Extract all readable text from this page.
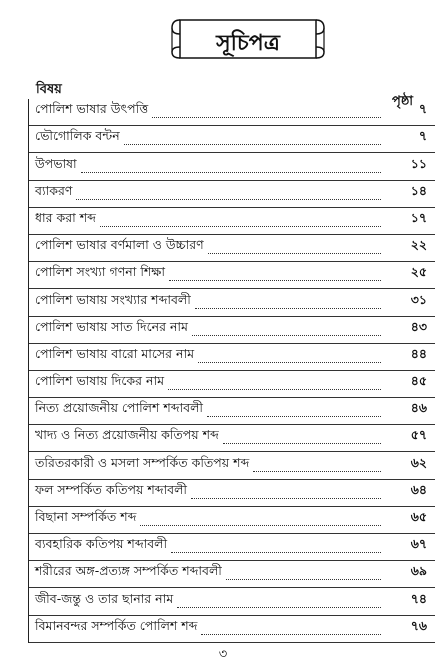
সূচিপত্র
বিষয়
পৃষ্ঠা
পোলিশ ভাষার উৎপত্তি	৭
ভৌগোলিক বন্টন	৭
উপভাষা	১১
ব্যাকরণ	১৪
ধার করা শব্দ	১৭
পোলিশ ভাষার বর্ণমালা ও উচ্চারণ	২২
পোলিশ সংখ্যা গণনা শিক্ষা	২৫
পোলিশ ভাষায় সংখ্যার শব্দাবলী	৩১
পোলিশ ভাষায় সাত দিনের নাম	৪৩
পোলিশ ভাষায় বারো মাসের নাম	৪৪
পোলিশ ভাষায় দিকের নাম	৪৫
নিত্য প্রয়োজনীয় পোলিশ শব্দাবলী	৪৬
খাদ্য ও নিত্য প্রয়োজনীয় কতিপয় শব্দ	৫৭
তরিতরকারী ও মসলা সম্পর্কিত কতিপয় শব্দ	৬২
ফল সম্পর্কিত কতিপয় শব্দাবলী	৬৪
বিছানা সম্পর্কিত শব্দ	৬৫
ব্যবহারিক কতিপয় শব্দাবলী	৬৭
শরীরের অঙ্গ-প্রত্যঙ্গ সম্পর্কিত শব্দাবলী	৬৯
জীব-জন্তু ও তার ছানার নাম	৭৪
বিমানবন্দর সম্পর্কিত পোলিশ শব্দ	৭৬
৩
